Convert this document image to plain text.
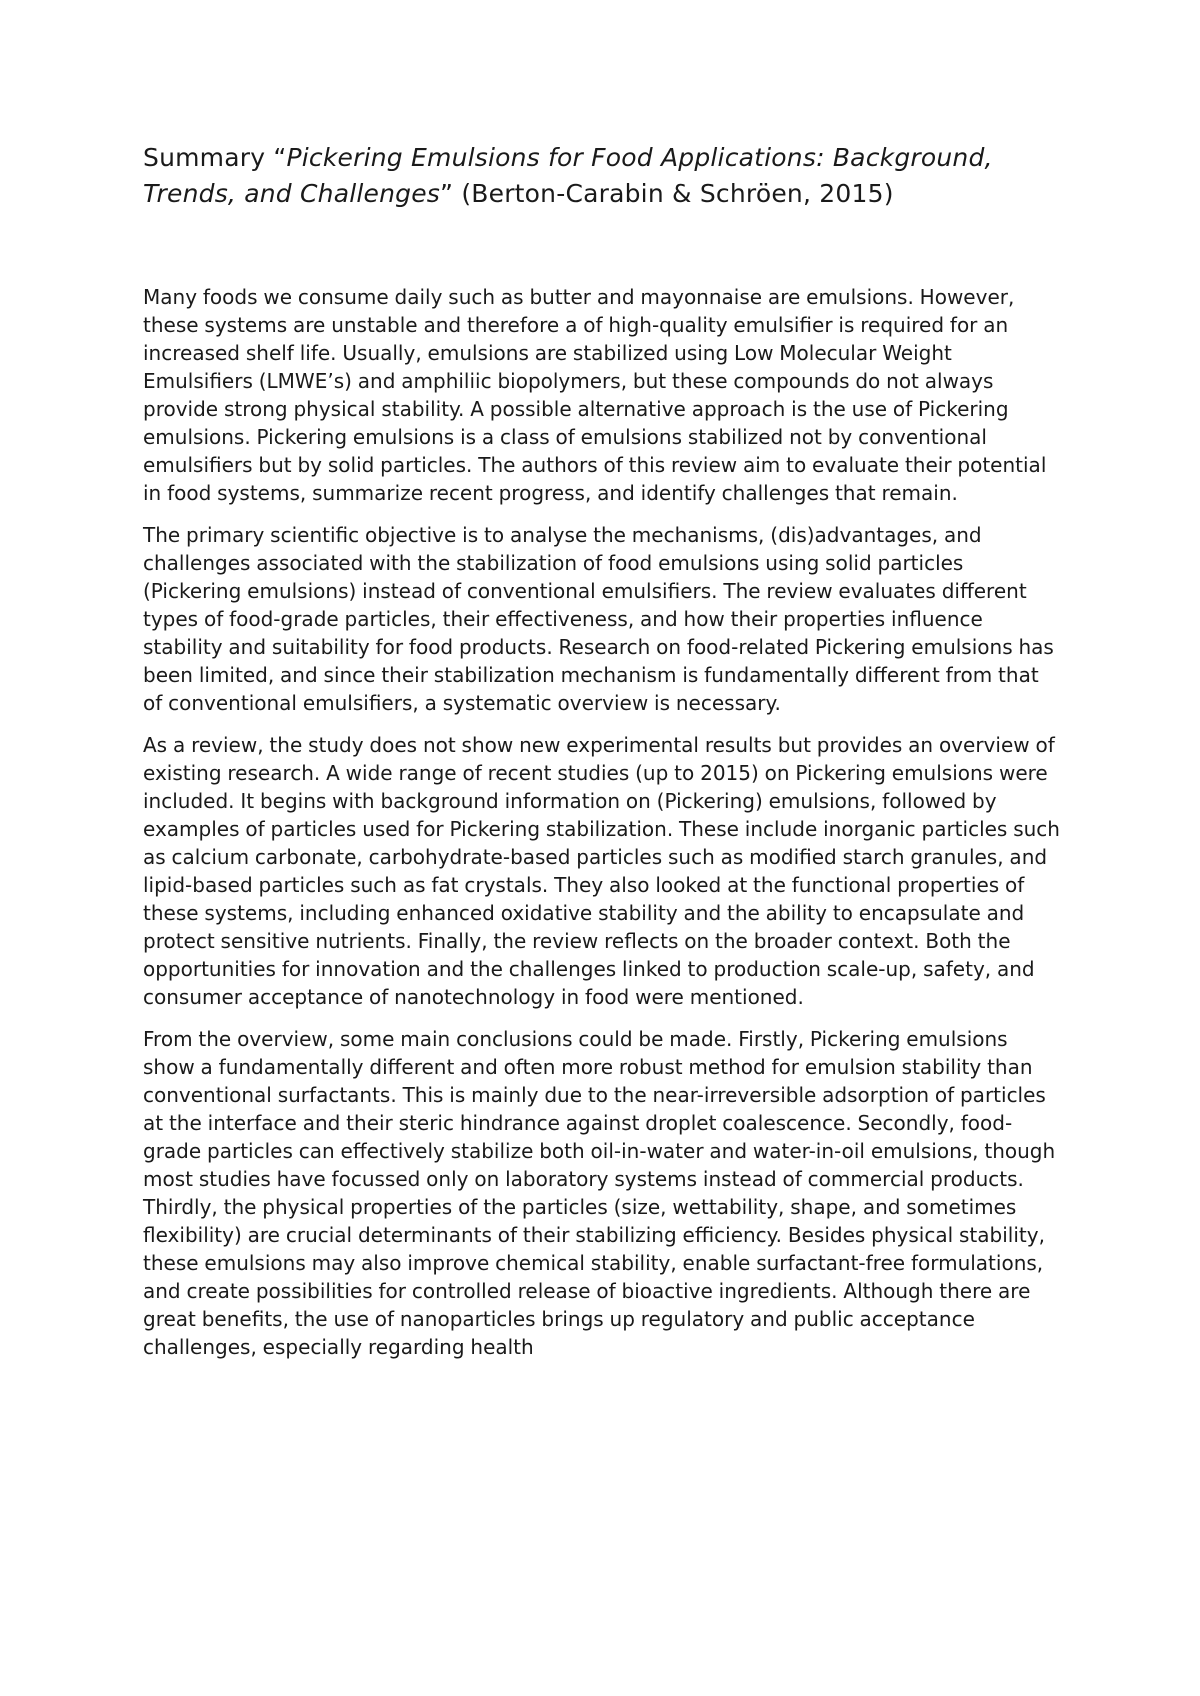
Summary “Pickering Emulsions for Food Applications: Background, Trends, and Challenges” (Berton-Carabin & Schröen, 2015)

Many foods we consume daily such as butter and mayonnaise are emulsions. However, these systems are unstable and therefore a of high-quality emulsifier is required for an increased shelf life. Usually, emulsions are stabilized using Low Molecular Weight Emulsifiers (LMWE’s) and amphiliic biopolymers, but these compounds do not always provide strong physical stability. A possible alternative approach is the use of Pickering emulsions. Pickering emulsions is a class of emulsions stabilized not by conventional emulsifiers but by solid particles. The authors of this review aim to evaluate their potential in food systems, summarize recent progress, and identify challenges that remain.

The primary scientific objective is to analyse the mechanisms, (dis)advantages, and challenges associated with the stabilization of food emulsions using solid particles (Pickering emulsions) instead of conventional emulsifiers. The review evaluates different types of food-grade particles, their effectiveness, and how their properties influence stability and suitability for food products. Research on food-related Pickering emulsions has been limited, and since their stabilization mechanism is fundamentally different from that of conventional emulsifiers, a systematic overview is necessary.

As a review, the study does not show new experimental results but provides an overview of existing research. A wide range of recent studies (up to 2015) on Pickering emulsions were included. It begins with background information on (Pickering) emulsions, followed by examples of particles used for Pickering stabilization. These include inorganic particles such as calcium carbonate, carbohydrate-based particles such as modified starch granules, and lipid-based particles such as fat crystals. They also looked at the functional properties of these systems, including enhanced oxidative stability and the ability to encapsulate and protect sensitive nutrients. Finally, the review reflects on the broader context. Both the opportunities for innovation and the challenges linked to production scale-up, safety, and consumer acceptance of nanotechnology in food were mentioned.

From the overview, some main conclusions could be made. Firstly, Pickering emulsions show a fundamentally different and often more robust method for emulsion stability than conventional surfactants. This is mainly due to the near-irreversible adsorption of particles at the interface and their steric hindrance against droplet coalescence. Secondly, food-grade particles can effectively stabilize both oil-in-water and water-in-oil emulsions, though most studies have focussed only on laboratory systems instead of commercial products. Thirdly, the physical properties of the particles (size, wettability, shape, and sometimes flexibility) are crucial determinants of their stabilizing efficiency. Besides physical stability, these emulsions may also improve chemical stability, enable surfactant-free formulations, and create possibilities for controlled release of bioactive ingredients. Although there are great benefits, the use of nanoparticles brings up regulatory and public acceptance challenges, especially regarding health
